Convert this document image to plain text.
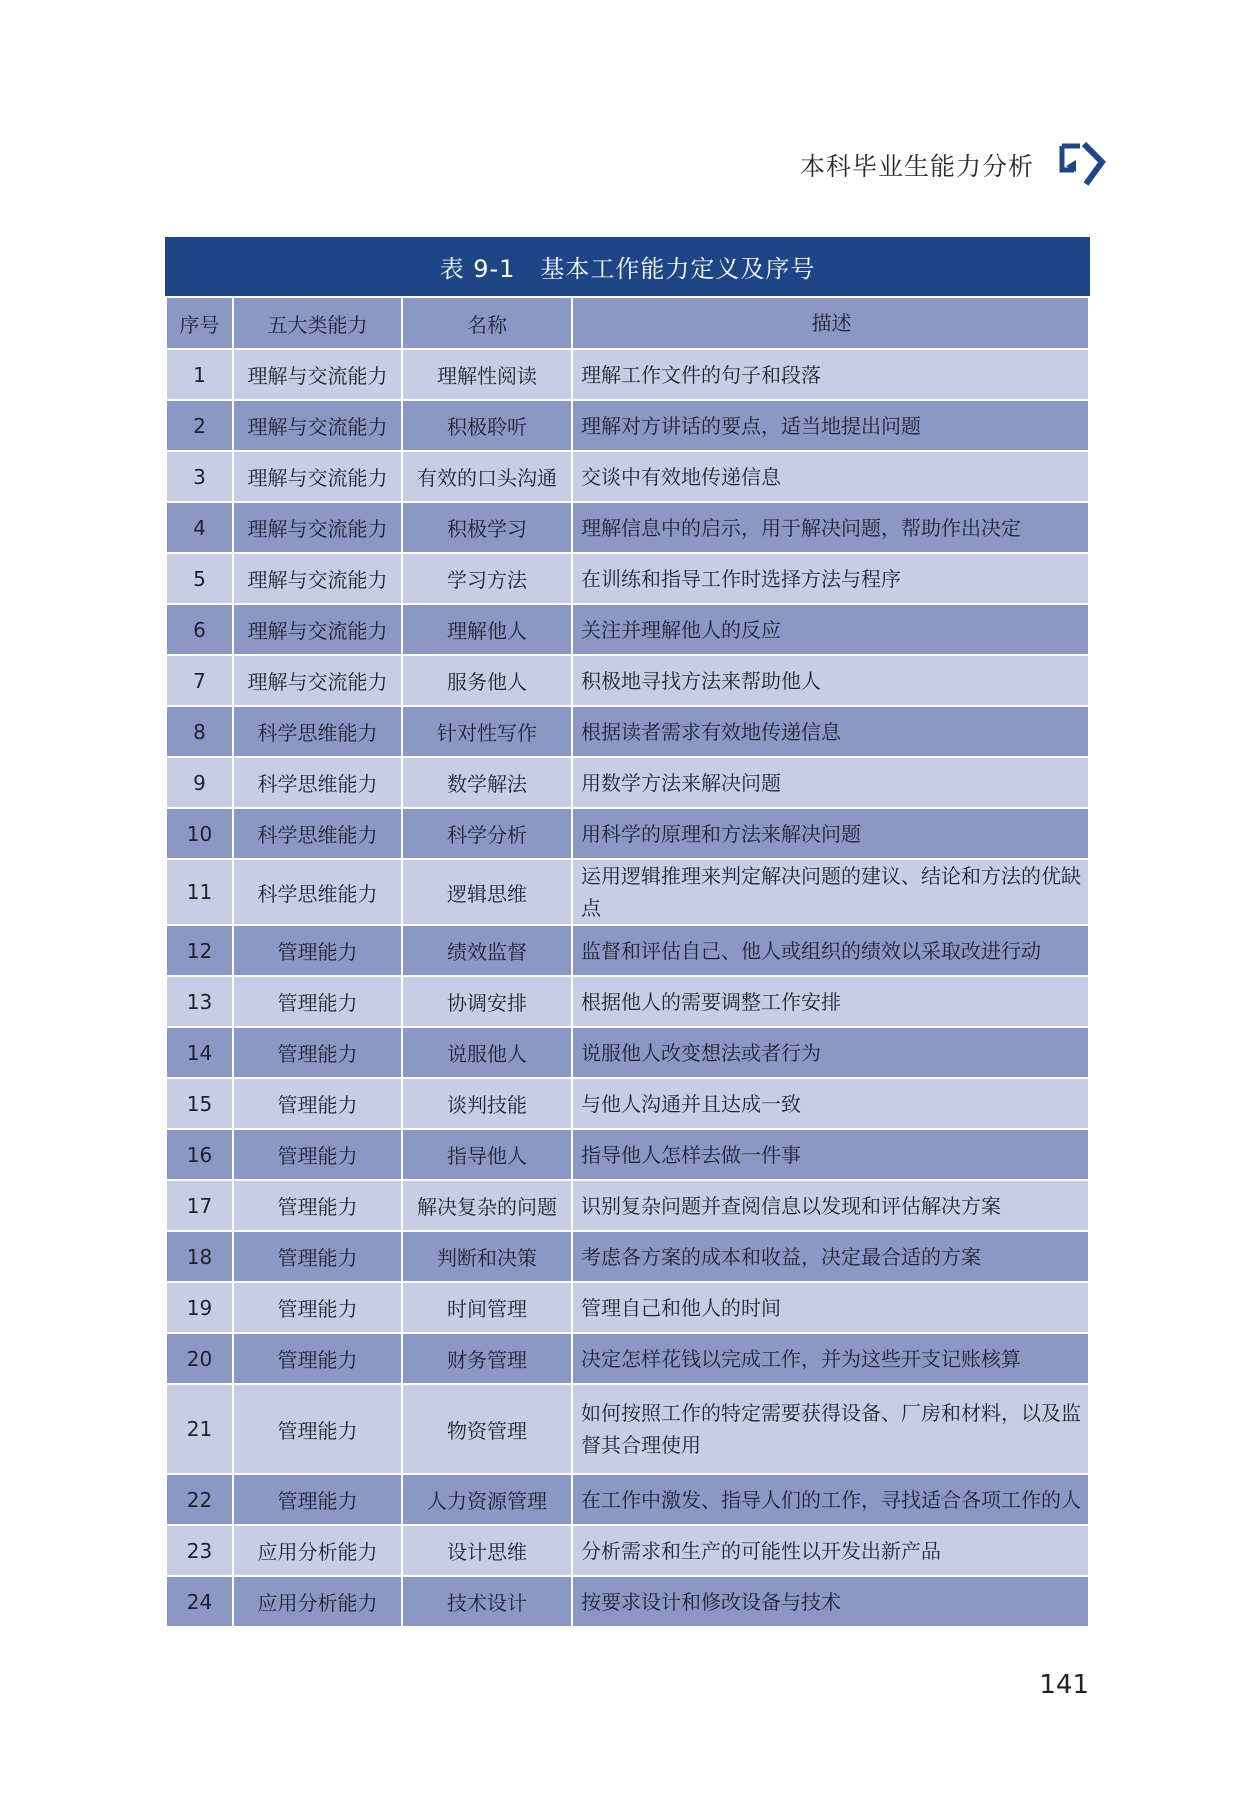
本科毕业生能力分析
表 9-1　基本工作能力定义及序号
序号	五大类能力	名称	描述
1	理解与交流能力	理解性阅读	理解工作文件的句子和段落
2	理解与交流能力	积极聆听	理解对方讲话的要点，适当地提出问题
3	理解与交流能力	有效的口头沟通	交谈中有效地传递信息
4	理解与交流能力	积极学习	理解信息中的启示，用于解决问题，帮助作出决定
5	理解与交流能力	学习方法	在训练和指导工作时选择方法与程序
6	理解与交流能力	理解他人	关注并理解他人的反应
7	理解与交流能力	服务他人	积极地寻找方法来帮助他人
8	科学思维能力	针对性写作	根据读者需求有效地传递信息
9	科学思维能力	数学解法	用数学方法来解决问题
10	科学思维能力	科学分析	用科学的原理和方法来解决问题
11	科学思维能力	逻辑思维	运用逻辑推理来判定解决问题的建议、结论和方法的优缺点
12	管理能力	绩效监督	监督和评估自己、他人或组织的绩效以采取改进行动
13	管理能力	协调安排	根据他人的需要调整工作安排
14	管理能力	说服他人	说服他人改变想法或者行为
15	管理能力	谈判技能	与他人沟通并且达成一致
16	管理能力	指导他人	指导他人怎样去做一件事
17	管理能力	解决复杂的问题	识别复杂问题并查阅信息以发现和评估解决方案
18	管理能力	判断和决策	考虑各方案的成本和收益，决定最合适的方案
19	管理能力	时间管理	管理自己和他人的时间
20	管理能力	财务管理	决定怎样花钱以完成工作，并为这些开支记账核算
21	管理能力	物资管理	如何按照工作的特定需要获得设备、厂房和材料，以及监督其合理使用
22	管理能力	人力资源管理	在工作中激发、指导人们的工作，寻找适合各项工作的人
23	应用分析能力	设计思维	分析需求和生产的可能性以开发出新产品
24	应用分析能力	技术设计	按要求设计和修改设备与技术
141
